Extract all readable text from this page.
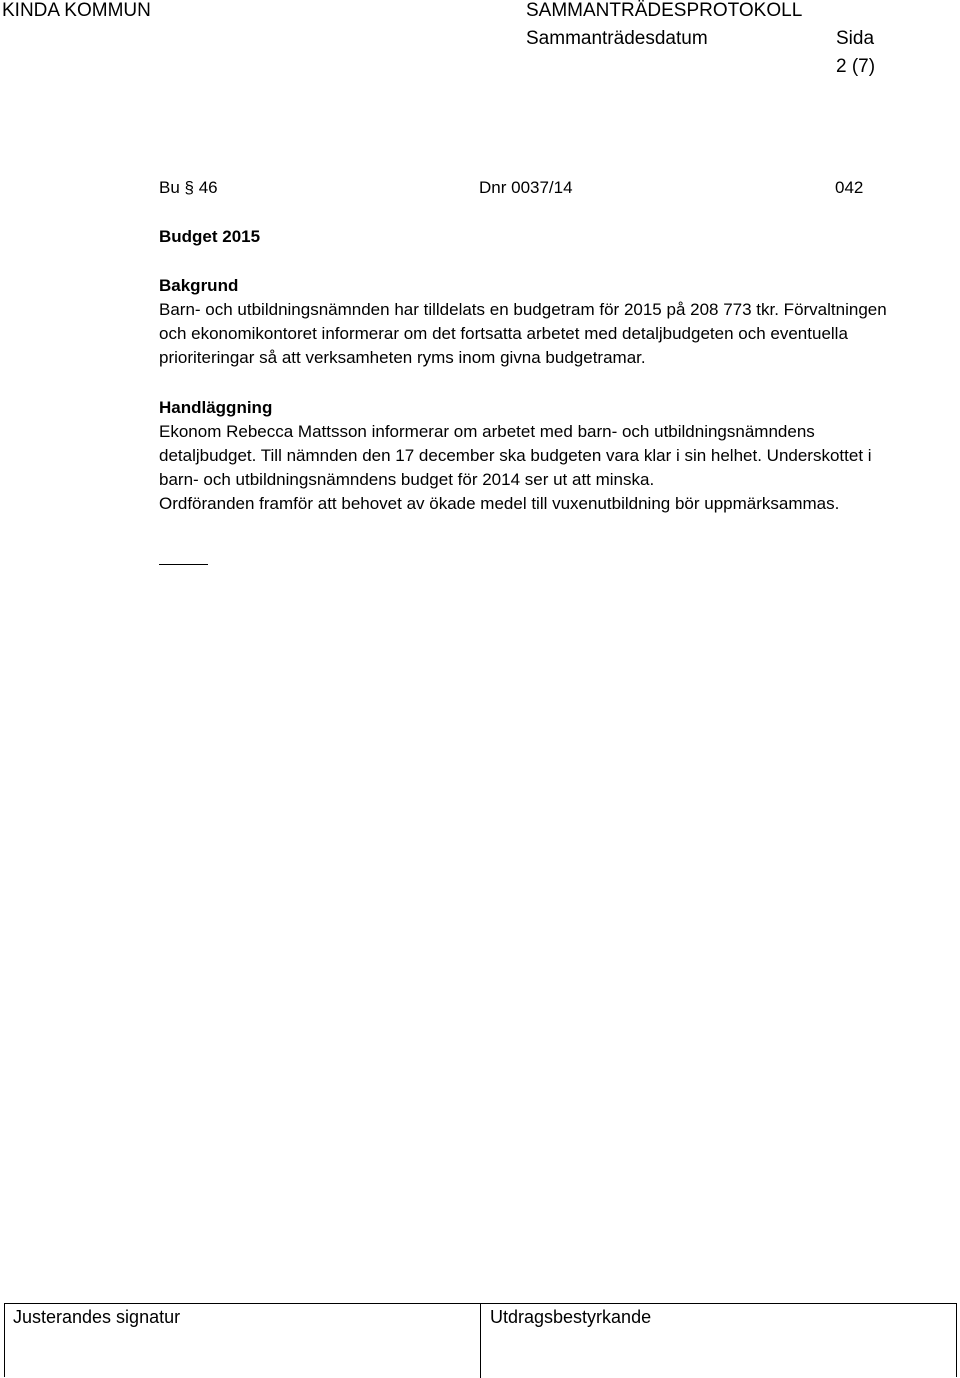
KINDA KOMMUN	SAMMANTRÄDESPROTOKOLL
Sammanträdesdatum	Sida
2 (7)
Bu § 46	Dnr 0037/14	042
Budget 2015
Bakgrund
Barn- och utbildningsnämnden har tilldelats en budgetram för 2015 på 208 773 tkr. Förvaltningen
och ekonomikontoret informerar om det fortsatta arbetet med detaljbudgeten och eventuella
prioriteringar så att verksamheten ryms inom givna budgetramar.
Handläggning
Ekonom Rebecca Mattsson informerar om arbetet med barn- och utbildningsnämndens
detaljbudget. Till nämnden den 17 december ska budgeten vara klar i sin helhet. Underskottet i
barn- och utbildningsnämndens budget för 2014 ser ut att minska.
Ordföranden framför att behovet av ökade medel till vuxenutbildning bör uppmärksammas.
Justerandes signatur	Utdragsbestyrkande
